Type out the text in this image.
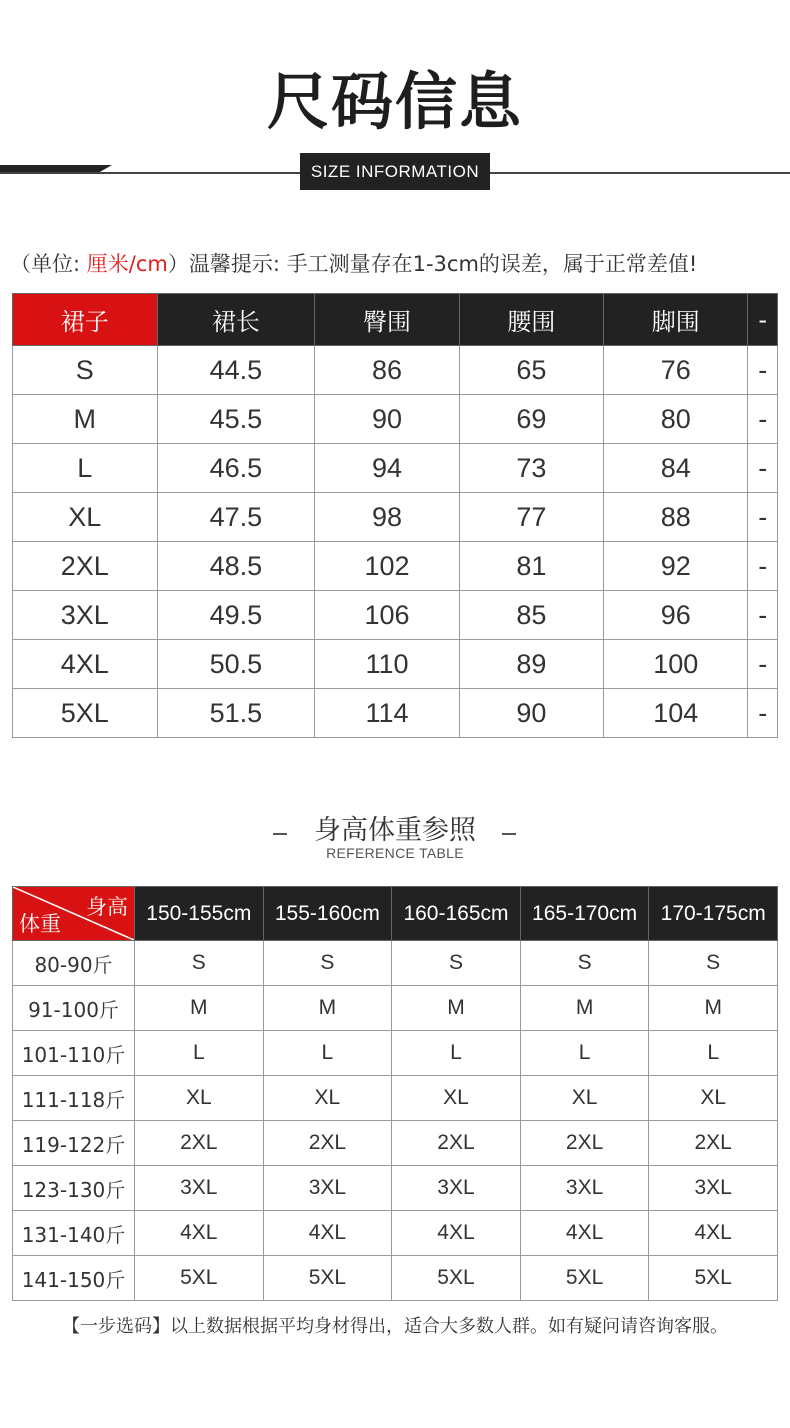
尺码信息
SIZE INFORMATION
（单位: 厘米/cm）温馨提示: 手工测量存在1-3cm的误差，属于正常差值!
裙子	裙长	臀围	腰围	脚围	-
S	44.5	86	65	76	-
M	45.5	90	69	80	-
L	46.5	94	73	84	-
XL	47.5	98	77	88	-
2XL	48.5	102	81	92	-
3XL	49.5	106	85	96	-
4XL	50.5	110	89	100	-
5XL	51.5	114	90	104	-
身高体重参照
REFERENCE TABLE
身高
体重	150-155cm	155-160cm	160-165cm	165-170cm	170-175cm
80-90斤	S	S	S	S	S
91-100斤	M	M	M	M	M
101-110斤	L	L	L	L	L
111-118斤	XL	XL	XL	XL	XL
119-122斤	2XL	2XL	2XL	2XL	2XL
123-130斤	3XL	3XL	3XL	3XL	3XL
131-140斤	4XL	4XL	4XL	4XL	4XL
141-150斤	5XL	5XL	5XL	5XL	5XL
【一步选码】以上数据根据平均身材得出，适合大多数人群。如有疑问请咨询客服。
